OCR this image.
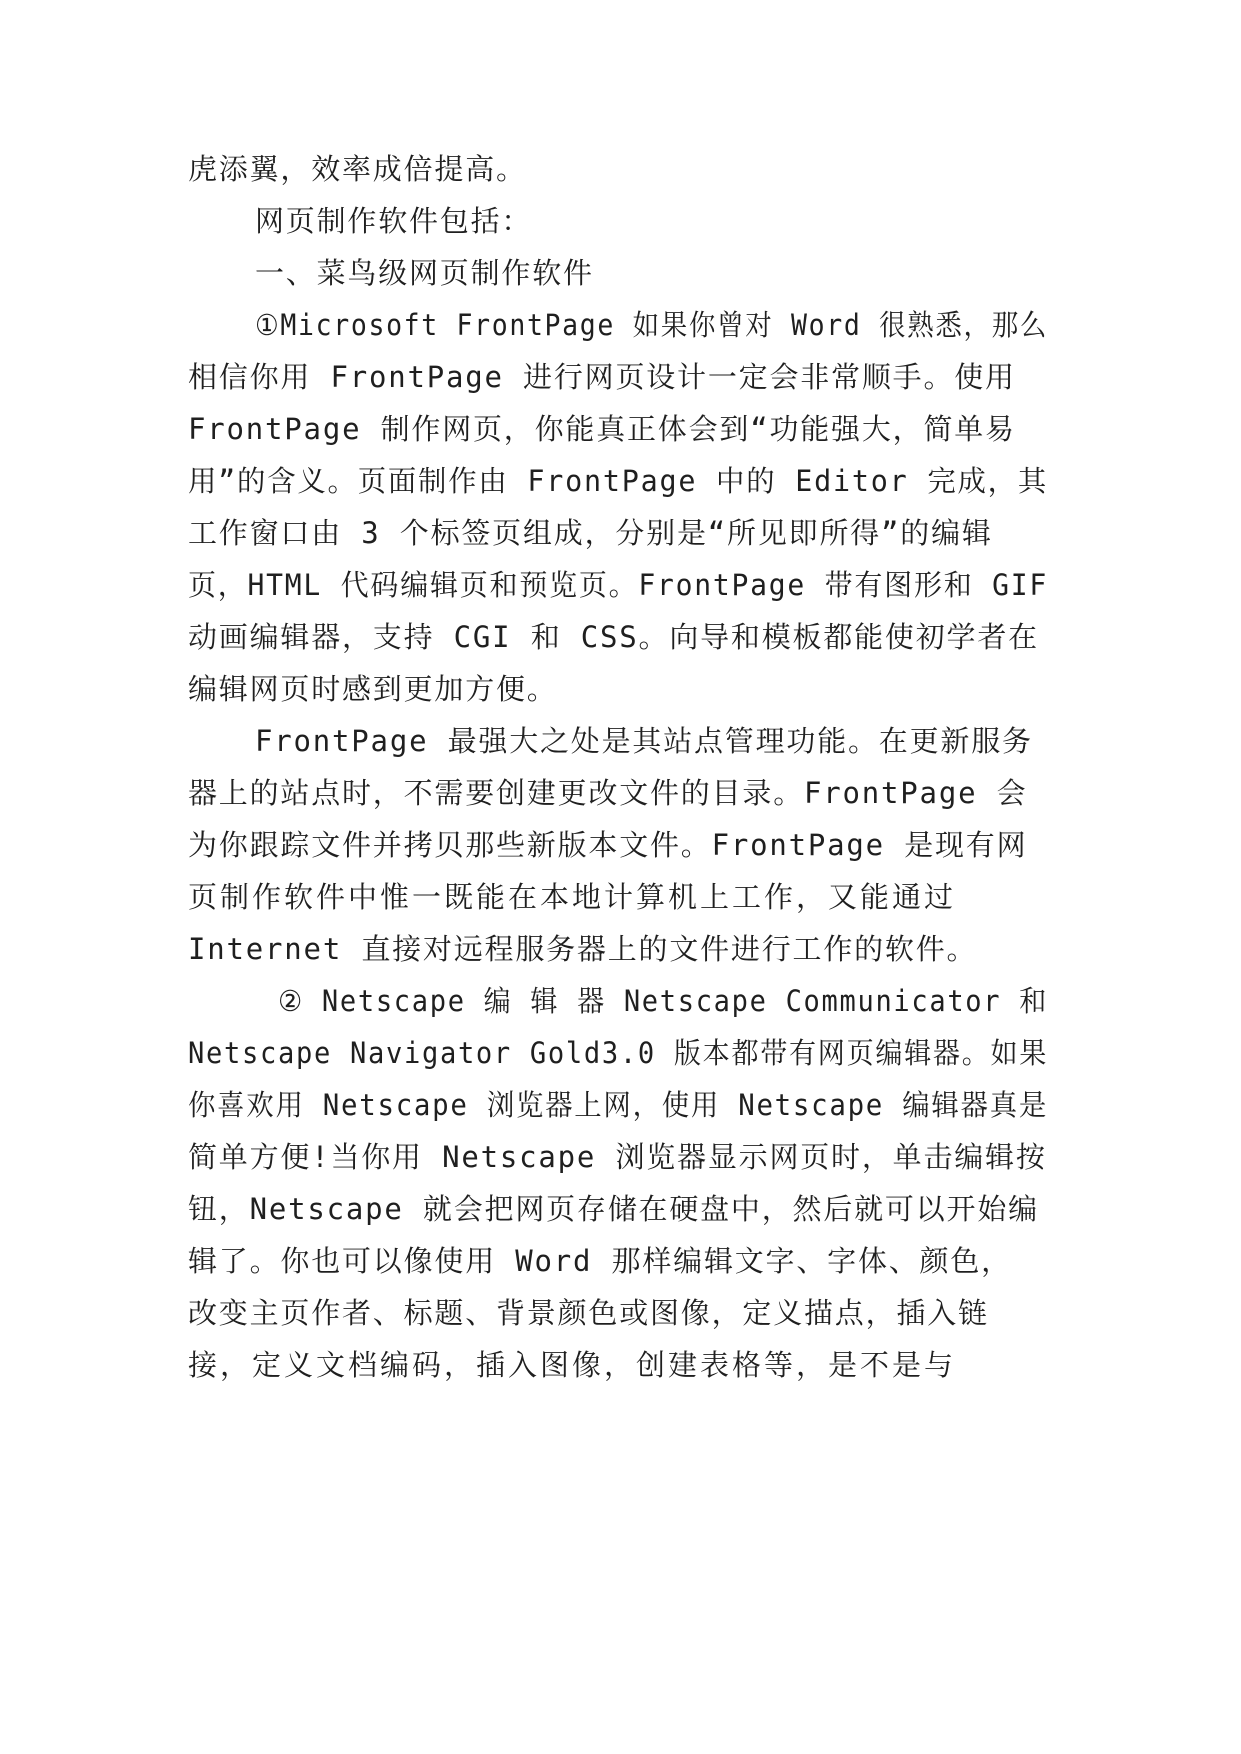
虎添翼，效率成倍提高。

网页制作软件包括：

一、菜鸟级网页制作软件

①Microsoft FrontPage 如果你曾对 Word 很熟悉，那么

相信你用 FrontPage 进行网页设计一定会非常顺手。使用

FrontPage 制作网页，你能真正体会到“功能强大，简单易

用”的含义。页面制作由 FrontPage 中的 Editor 完成，其

工作窗口由 3 个标签页组成，分别是“所见即所得”的编辑

页，HTML 代码编辑页和预览页。FrontPage 带有图形和 GIF

动画编辑器，支持 CGI 和 CSS。向导和模板都能使初学者在

编辑网页时感到更加方便。

FrontPage 最强大之处是其站点管理功能。在更新服务

器上的站点时，不需要创建更改文件的目录。FrontPage 会

为你跟踪文件并拷贝那些新版本文件。FrontPage 是现有网

页制作软件中惟一既能在本地计算机上工作，又能通过

Internet 直接对远程服务器上的文件进行工作的软件。

② Netscape 编 辑 器 Netscape Communicator 和

Netscape Navigator Gold3.0 版本都带有网页编辑器。如果

你喜欢用 Netscape 浏览器上网，使用 Netscape 编辑器真是

简单方便!当你用 Netscape 浏览器显示网页时，单击编辑按

钮，Netscape 就会把网页存储在硬盘中，然后就可以开始编

辑了。你也可以像使用 Word 那样编辑文字、字体、颜色，

改变主页作者、标题、背景颜色或图像，定义描点，插入链

接，定义文档编码，插入图像，创建表格等，是不是与
